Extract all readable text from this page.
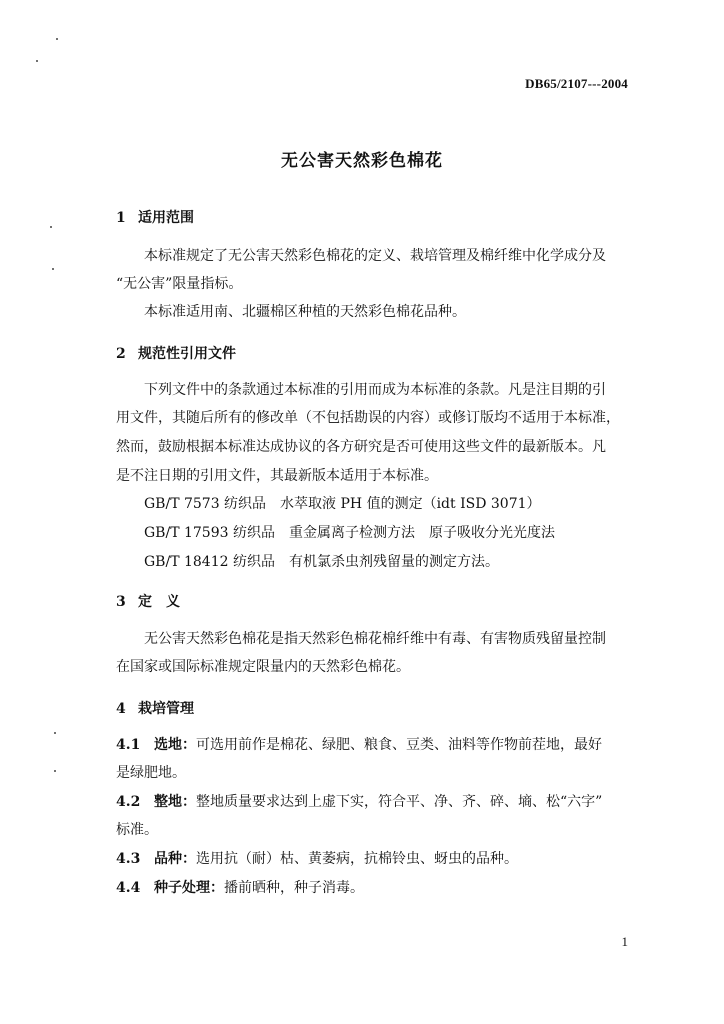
DB65/2107---2004
无公害天然彩色棉花
1 适用范围
本标准规定了无公害天然彩色棉花的定义、栽培管理及棉纤维中化学成分及
“无公害”限量指标。
本标准适用南、北疆棉区种植的天然彩色棉花品种。
2 规范性引用文件
下列文件中的条款通过本标准的引用而成为本标准的条款。凡是注目期的引
用文件，其随后所有的修改单（不包括勘误的内容）或修订版均不适用于本标准，
然而，鼓励根据本标准达成协议的各方研究是否可使用这些文件的最新版本。凡
是不注日期的引用文件，其最新版本适用于本标准。
GB/T 7573 纺织品　水萃取液 PH 值的测定（idt ISD 3071）
GB/T 17593 纺织品　重金属离子检测方法　原子吸收分光光度法
GB/T 18412 纺织品　有机氯杀虫剂残留量的测定方法。
3 定　义
无公害天然彩色棉花是指天然彩色棉花棉纤维中有毒、有害物质残留量控制
在国家或国际标准规定限量内的天然彩色棉花。
4 栽培管理
4.1 选地：可选用前作是棉花、绿肥、粮食、豆类、油料等作物前茬地，最好
是绿肥地。
4.2 整地：整地质量要求达到上虚下实，符合平、净、齐、碎、墒、松“六字”
标准。
4.3 品种：选用抗（耐）枯、黄萎病，抗棉铃虫、蚜虫的品种。
4.4 种子处理：播前晒种，种子消毒。
1
